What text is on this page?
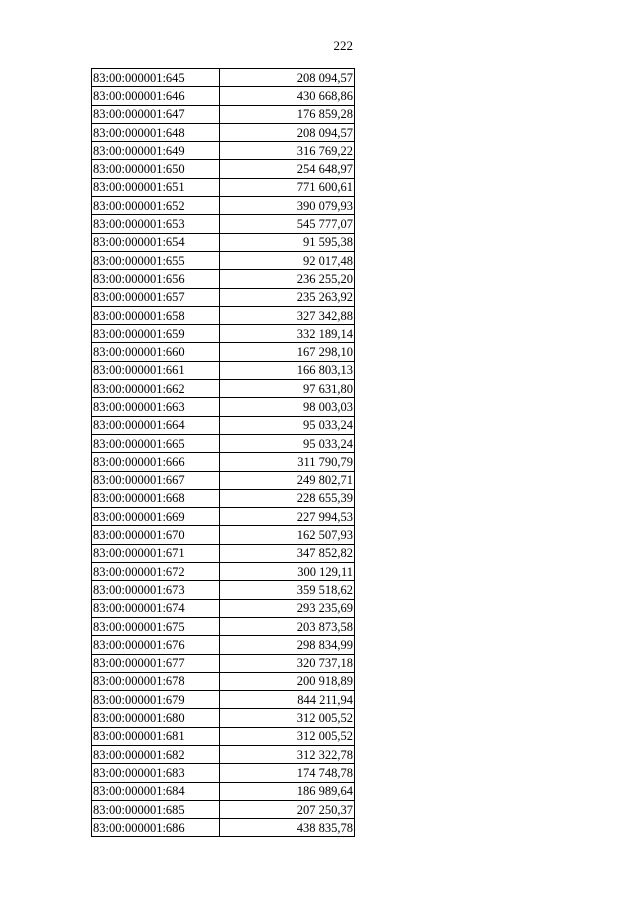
222
83:00:000001:645	208 094,57
83:00:000001:646	430 668,86
83:00:000001:647	176 859,28
83:00:000001:648	208 094,57
83:00:000001:649	316 769,22
83:00:000001:650	254 648,97
83:00:000001:651	771 600,61
83:00:000001:652	390 079,93
83:00:000001:653	545 777,07
83:00:000001:654	91 595,38
83:00:000001:655	92 017,48
83:00:000001:656	236 255,20
83:00:000001:657	235 263,92
83:00:000001:658	327 342,88
83:00:000001:659	332 189,14
83:00:000001:660	167 298,10
83:00:000001:661	166 803,13
83:00:000001:662	97 631,80
83:00:000001:663	98 003,03
83:00:000001:664	95 033,24
83:00:000001:665	95 033,24
83:00:000001:666	311 790,79
83:00:000001:667	249 802,71
83:00:000001:668	228 655,39
83:00:000001:669	227 994,53
83:00:000001:670	162 507,93
83:00:000001:671	347 852,82
83:00:000001:672	300 129,11
83:00:000001:673	359 518,62
83:00:000001:674	293 235,69
83:00:000001:675	203 873,58
83:00:000001:676	298 834,99
83:00:000001:677	320 737,18
83:00:000001:678	200 918,89
83:00:000001:679	844 211,94
83:00:000001:680	312 005,52
83:00:000001:681	312 005,52
83:00:000001:682	312 322,78
83:00:000001:683	174 748,78
83:00:000001:684	186 989,64
83:00:000001:685	207 250,37
83:00:000001:686	438 835,78
